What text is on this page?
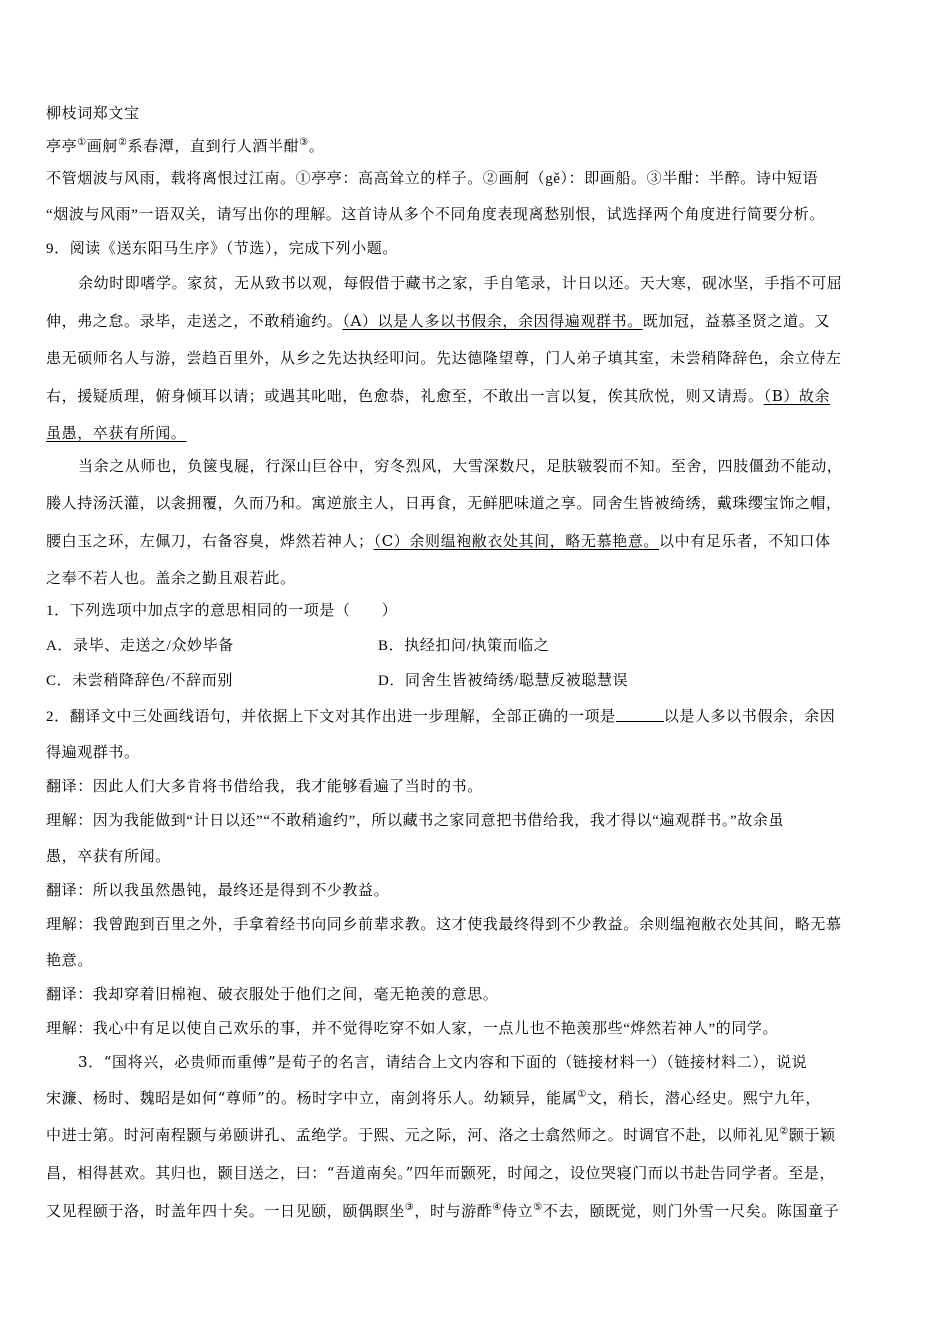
柳枝词郑文宝
亭亭①画舸②系春潭，直到行人酒半酣③。
不管烟波与风雨，载将离恨过江南。①亭亭：高高耸立的样子。②画舸（gě）：即画船。③半酣：半醉。诗中短语
“烟波与风雨”一语双关，请写出你的理解。这首诗从多个不同角度表现离愁别恨，试选择两个角度进行简要分析。
9．阅读《送东阳马生序》（节选），完成下列小题。
余幼时即嗜学。家贫，无从致书以观，每假借于藏书之家，手自笔录，计日以还。天大寒，砚冰坚，手指不可屈
伸，弗之怠。录毕，走送之，不敢稍逾约。（A）以是人多以书假余，余因得遍观群书。既加冠，益慕圣贤之道。又
患无硕师名人与游，尝趋百里外，从乡之先达执经叩问。先达德隆望尊，门人弟子填其室，未尝稍降辞色，余立侍左
右，援疑质理，俯身倾耳以请；或遇其叱咄，色愈恭，礼愈至，不敢出一言以复，俟其欣悦，则又请焉。（B）故余
虽愚，卒获有所闻。
当余之从师也，负箧曳屣，行深山巨谷中，穷冬烈风，大雪深数尺，足肤皲裂而不知。至舍，四肢僵劲不能动，
媵人持汤沃灌，以衾拥覆，久而乃和。寓逆旅主人，日再食，无鲜肥味道之享。同舍生皆被绮绣，戴珠缨宝饰之帽，
腰白玉之环，左佩刀，右备容臭，烨然若神人；（C）余则缊袍敝衣处其间，略无慕艳意。以中有足乐者，不知口体
之奉不若人也。盖余之勤且艰若此。
1．下列选项中加点字的意思相同的一项是（　　）
A．录毕、走送之/众妙毕备	B．执经扣问/执策而临之
C．未尝稍降辞色/不辞而别	D．同舍生皆被绮绣/聪慧反被聪慧误
2．翻译文中三处画线语句，并依据上下文对其作出进一步理解，全部正确的一项是	以是人多以书假余，余因
得遍观群书。
翻译：因此人们大多肯将书借给我，我才能够看遍了当时的书。
理解：因为我能做到“计日以还”“不敢稍逾约”，所以藏书之家同意把书借给我，我才得以“遍观群书。”故余虽
愚，卒获有所闻。
翻译：所以我虽然愚钝，最终还是得到不少教益。
理解：我曾跑到百里之外，手拿着经书向同乡前辈求教。这才使我最终得到不少教益。余则缊袍敝衣处其间，略无慕
艳意。
翻译：我却穿着旧棉袍、破衣服处于他们之间，毫无艳羡的意思。
理解：我心中有足以使自己欢乐的事，并不觉得吃穿不如人家，一点儿也不艳羡那些“烨然若神人”的同学。
3．“国将兴，必贵师而重傅”是荀子的名言，请结合上文内容和下面的（链接材料一）（链接材料二），说说
宋濂、杨时、魏昭是如何“尊师”的。杨时字中立，南剑将乐人。幼颖异，能属①文，稍长，潜心经史。熙宁九年，
中进士第。时河南程颢与弟颐讲孔、孟绝学。于熙、元之际，河、洛之士翕然师之。时调官不赴，以师礼见②颢于颖
昌，相得甚欢。其归也，颢目送之，曰：“吾道南矣。”四年而颢死，时闻之，设位哭寝门而以书赴告同学者。至是，
又见程颐于洛，时盖年四十矣。一日见颐，颐偶瞑坐③，时与游酢④侍立⑤不去，颐既觉，则门外雪一尺矣。陈国童子
